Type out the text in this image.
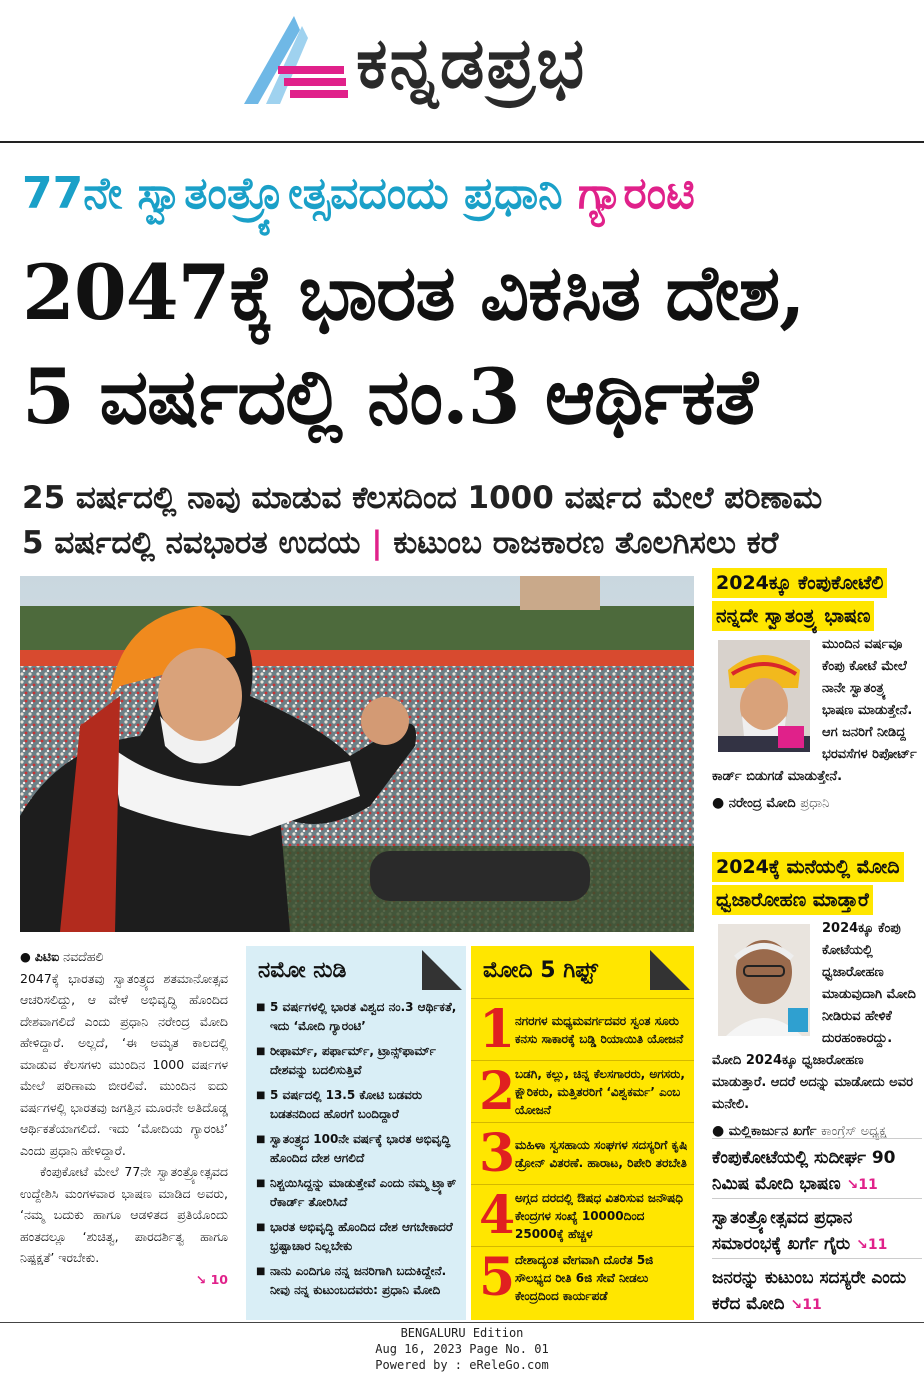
ಕನ್ನಡಪ್ರಭ
77ನೇ ಸ್ವಾತಂತ್ರ್ಯೋತ್ಸವದಂದು ಪ್ರಧಾನಿ ಗ್ಯಾರಂಟಿ
2047ಕ್ಕೆ ಭಾರತ ವಿಕಸಿತ ದೇಶ,
5 ವರ್ಷದಲ್ಲಿ ನಂ.3 ಆರ್ಥಿಕತೆ
25 ವರ್ಷದಲ್ಲಿ ನಾವು ಮಾಡುವ ಕೆಲಸದಿಂದ 1000 ವರ್ಷದ ಮೇಲೆ ಪರಿಣಾಮ
5 ವರ್ಷದಲ್ಲಿ ನವಭಾರತ ಉದಯ | ಕುಟುಂಬ ರಾಜಕಾರಣ ತೊಲಗಿಸಲು ಕರೆ
2024ಕ್ಕೂ ಕೆಂಪುಕೋಟೆಲಿ
ನನ್ನದೇ ಸ್ವಾತಂತ್ರ್ಯ ಭಾಷಣ
ಮುಂದಿನ ವರ್ಷವೂ ಕೆಂಪು ಕೋಟೆ ಮೇಲೆ ನಾನೇ ಸ್ವಾತಂತ್ರ್ಯ ಭಾಷಣ ಮಾಡುತ್ತೇನೆ. ಆಗ ಜನರಿಗೆ ನೀಡಿದ್ದ ಭರವಸೆಗಳ ರಿಪೋರ್ಟ್ ಕಾರ್ಡ್ ಬಿಡುಗಡೆ ಮಾಡುತ್ತೇನೆ.
● ನರೇಂದ್ರ ಮೋದಿ ಪ್ರಧಾನಿ
2024ಕ್ಕೆ ಮನೆಯಲ್ಲಿ ಮೋದಿ
ಧ್ವಜಾರೋಹಣ ಮಾಡ್ತಾರೆ
2024ಕ್ಕೂ ಕೆಂಪು ಕೋಟೆಯಲ್ಲಿ ಧ್ವಜಾರೋಹಣ ಮಾಡುವುದಾಗಿ ಮೋದಿ ನೀಡಿರುವ ಹೇಳಿಕೆ ದುರಹಂಕಾರದ್ದು. ಮೋದಿ 2024ಕ್ಕೂ ಧ್ವಜಾರೋಹಣ ಮಾಡುತ್ತಾರೆ. ಆದರೆ ಅದನ್ನು ಮಾಡೋದು ಅವರ ಮನೇಲಿ.
● ಮಲ್ಲಿಕಾರ್ಜುನ ಖರ್ಗೆ ಕಾಂಗ್ರೆಸ್ ಅಧ್ಯಕ್ಷ
● ಪಿಟಿಐ ನವದೆಹಲಿ
2047ಕ್ಕೆ ಭಾರತವು ಸ್ವಾತಂತ್ರ್ಯದ ಶತಮಾನೋತ್ಸವ ಆಚರಿಸಲಿದ್ದು, ಆ ವೇಳೆ ಅಭಿವೃದ್ಧಿ ಹೊಂದಿದ ದೇಶವಾಗಲಿದೆ ಎಂದು ಪ್ರಧಾನಿ ನರೇಂದ್ರ ಮೋದಿ ಹೇಳಿದ್ದಾರೆ. ಅಲ್ಲದೆ, ‘ಈ ಅಮೃತ ಕಾಲದಲ್ಲಿ ಮಾಡುವ ಕೆಲಸಗಳು ಮುಂದಿನ 1000 ವರ್ಷಗಳ ಮೇಲೆ ಪರಿಣಾಮ ಬೀರಲಿವೆ. ಮುಂದಿನ ಐದು ವರ್ಷಗಳಲ್ಲಿ ಭಾರತವು ಜಗತ್ತಿನ ಮೂರನೇ ಅತಿದೊಡ್ಡ ಆರ್ಥಿಕತೆಯಾಗಲಿದೆ. ಇದು ‘ಮೋದಿಯ ಗ್ಯಾರಂಟಿ’ ಎಂದು ಪ್ರಧಾನಿ ಹೇಳಿದ್ದಾರೆ.
ಕೆಂಪುಕೋಟೆ ಮೇಲೆ 77ನೇ ಸ್ವಾತಂತ್ರ್ಯೋತ್ಸವದ ಉದ್ದೇಶಿಸಿ ಮಂಗಳವಾರ ಭಾಷಣ ಮಾಡಿದ ಅವರು, ‘ನಮ್ಮ ಬದುಕು ಹಾಗೂ ಆಡಳಿತದ ಪ್ರತಿಯೊಂದು ಹಂತದಲ್ಲೂ ‘ಶುಚಿತ್ವ, ಪಾರದರ್ಶಿತ್ವ ಹಾಗೂ ನಿಷ್ಪಕ್ಷತೆ’ ಇರಬೇಕು.
↘ 10
ನಮೋ ನುಡಿ
■ 5 ವರ್ಷಗಳಲ್ಲಿ ಭಾರತ ವಿಶ್ವದ ನಂ.3 ಆರ್ಥಿಕತೆ, ಇದು ‘ಮೋದಿ ಗ್ಯಾರಂಟಿ’
■ ರೀಫಾರ್ಮ್, ಪರ್ಫಾರ್ಮ್, ಟ್ರಾನ್ಸ್‌ಫಾರ್ಮ್ ದೇಶವನ್ನು ಬದಲಿಸುತ್ತಿವೆ
■ 5 ವರ್ಷದಲ್ಲಿ 13.5 ಕೋಟಿ ಬಡವರು ಬಡತನದಿಂದ ಹೊರಗೆ ಬಂದಿದ್ದಾರೆ
■ ಸ್ವಾತಂತ್ರ್ಯದ 100ನೇ ವರ್ಷಕ್ಕೆ ಭಾರತ ಅಭಿವೃದ್ಧಿ ಹೊಂದಿದ ದೇಶ ಆಗಲಿದೆ
■ ನಿಶ್ಚಯಿಸಿದ್ದನ್ನು ಮಾಡುತ್ತೇವೆ ಎಂದು ನಮ್ಮ ಟ್ರ್ಯಾಕ್ ರೆಕಾರ್ಡ್ ತೋರಿಸಿದೆ
■ ಭಾರತ ಅಭಿವೃದ್ಧಿ ಹೊಂದಿದ ದೇಶ ಆಗಬೇಕಾದರೆ ಭ್ರಷ್ಟಾಚಾರ ನಿಲ್ಲಬೇಕು
■ ನಾನು ಎಂದಿಗೂ ನನ್ನ ಜನರಿಗಾಗಿ ಬದುಕಿದ್ದೇನೆ. ನೀವು ನನ್ನ ಕುಟುಂಬದವರು: ಪ್ರಧಾನಿ ಮೋದಿ
ಮೋದಿ 5 ಗಿಫ್ಟ್
1 ನಗರಗಳ ಮಧ್ಯಮವರ್ಗದವರ ಸ್ವಂತ ಸೂರು ಕನಸು ಸಾಕಾರಕ್ಕೆ ಬಡ್ಡಿ ರಿಯಾಯಿತಿ ಯೋಜನೆ
2 ಬಡಗಿ, ಕಲ್ಲು, ಚಿನ್ನ ಕೆಲಸಗಾರರು, ಅಗಸರು, ಕ್ಷೌರಿಕರು, ಮತ್ತಿತರರಿಗೆ ‘ವಿಶ್ವಕರ್ಮ’ ಎಂಬ ಯೋಜನೆ
3 ಮಹಿಳಾ ಸ್ವಸಹಾಯ ಸಂಘಗಳ ಸದಸ್ಯರಿಗೆ ಕೃಷಿ ಡ್ರೋನ್ ವಿತರಣೆ. ಹಾರಾಟ, ರಿಪೇರಿ ತರಬೇತಿ
4 ಅಗ್ಗದ ದರದಲ್ಲಿ ಔಷಧ ವಿತರಿಸುವ ಜನೌಷಧಿ ಕೇಂದ್ರಗಳ ಸಂಖ್ಯೆ 10000ದಿಂದ 25000ಕ್ಕೆ ಹೆಚ್ಚಳ
5 ದೇಶಾದ್ಯಂತ ವೇಗವಾಗಿ ದೊರೆತ 5ಜಿ ಸೌಲಭ್ಯದ ರೀತಿ 6ಜಿ ಸೇವೆ ನೀಡಲು ಕೇಂದ್ರದಿಂದ ಕಾರ್ಯಪಡೆ
ಕೆಂಪುಕೋಟೆಯಲ್ಲಿ ಸುದೀರ್ಘ 90 ನಿಮಿಷ ಮೋದಿ ಭಾಷಣ ↘11
ಸ್ವಾತಂತ್ರ್ಯೋತ್ಸವದ ಪ್ರಧಾನ ಸಮಾರಂಭಕ್ಕೆ ಖರ್ಗೆ ಗೈರು ↘11
ಜನರನ್ನು ಕುಟುಂಬ ಸದಸ್ಯರೇ ಎಂದು ಕರೆದ ಮೋದಿ ↘11
BENGALURU Edition
Aug 16, 2023 Page No. 01
Powered by : eReleGo.com
